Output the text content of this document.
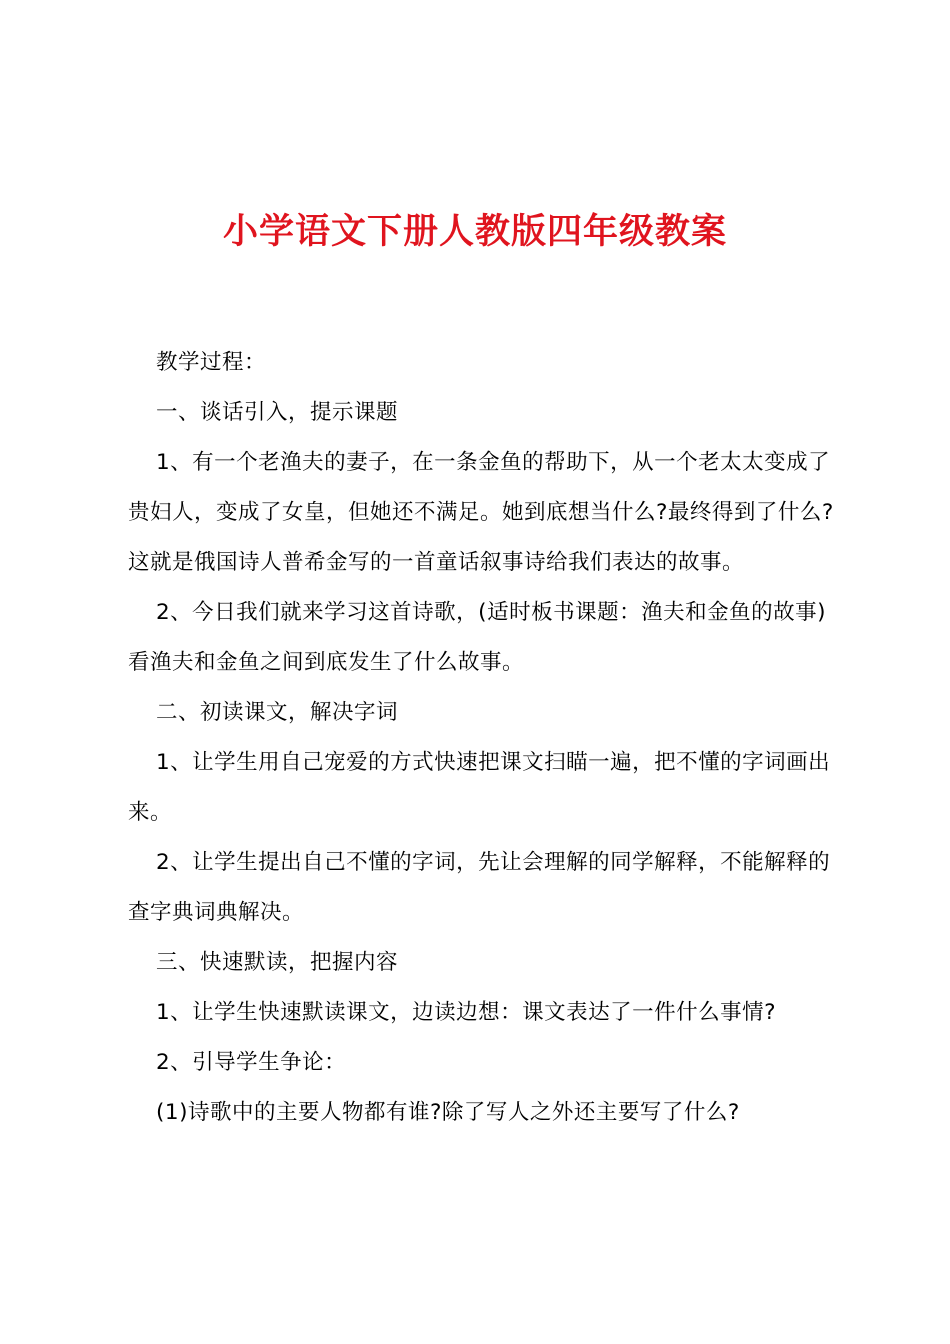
小学语文下册人教版四年级教案

教学过程：

一、谈话引入，提示课题

1、有一个老渔夫的妻子，在一条金鱼的帮助下，从一个老太太变成了贵妇人，变成了女皇，但她还不满足。她到底想当什么?最终得到了什么?这就是俄国诗人普希金写的一首童话叙事诗给我们表达的故事。

2、今日我们就来学习这首诗歌，(适时板书课题：渔夫和金鱼的故事)看渔夫和金鱼之间到底发生了什么故事。

二、初读课文，解决字词

1、让学生用自己宠爱的方式快速把课文扫瞄一遍，把不懂的字词画出来。

2、让学生提出自己不懂的字词，先让会理解的同学解释，不能解释的查字典词典解决。

三、快速默读，把握内容

1、让学生快速默读课文，边读边想：课文表达了一件什么事情?

2、引导学生争论：

(1)诗歌中的主要人物都有谁?除了写人之外还主要写了什么?
